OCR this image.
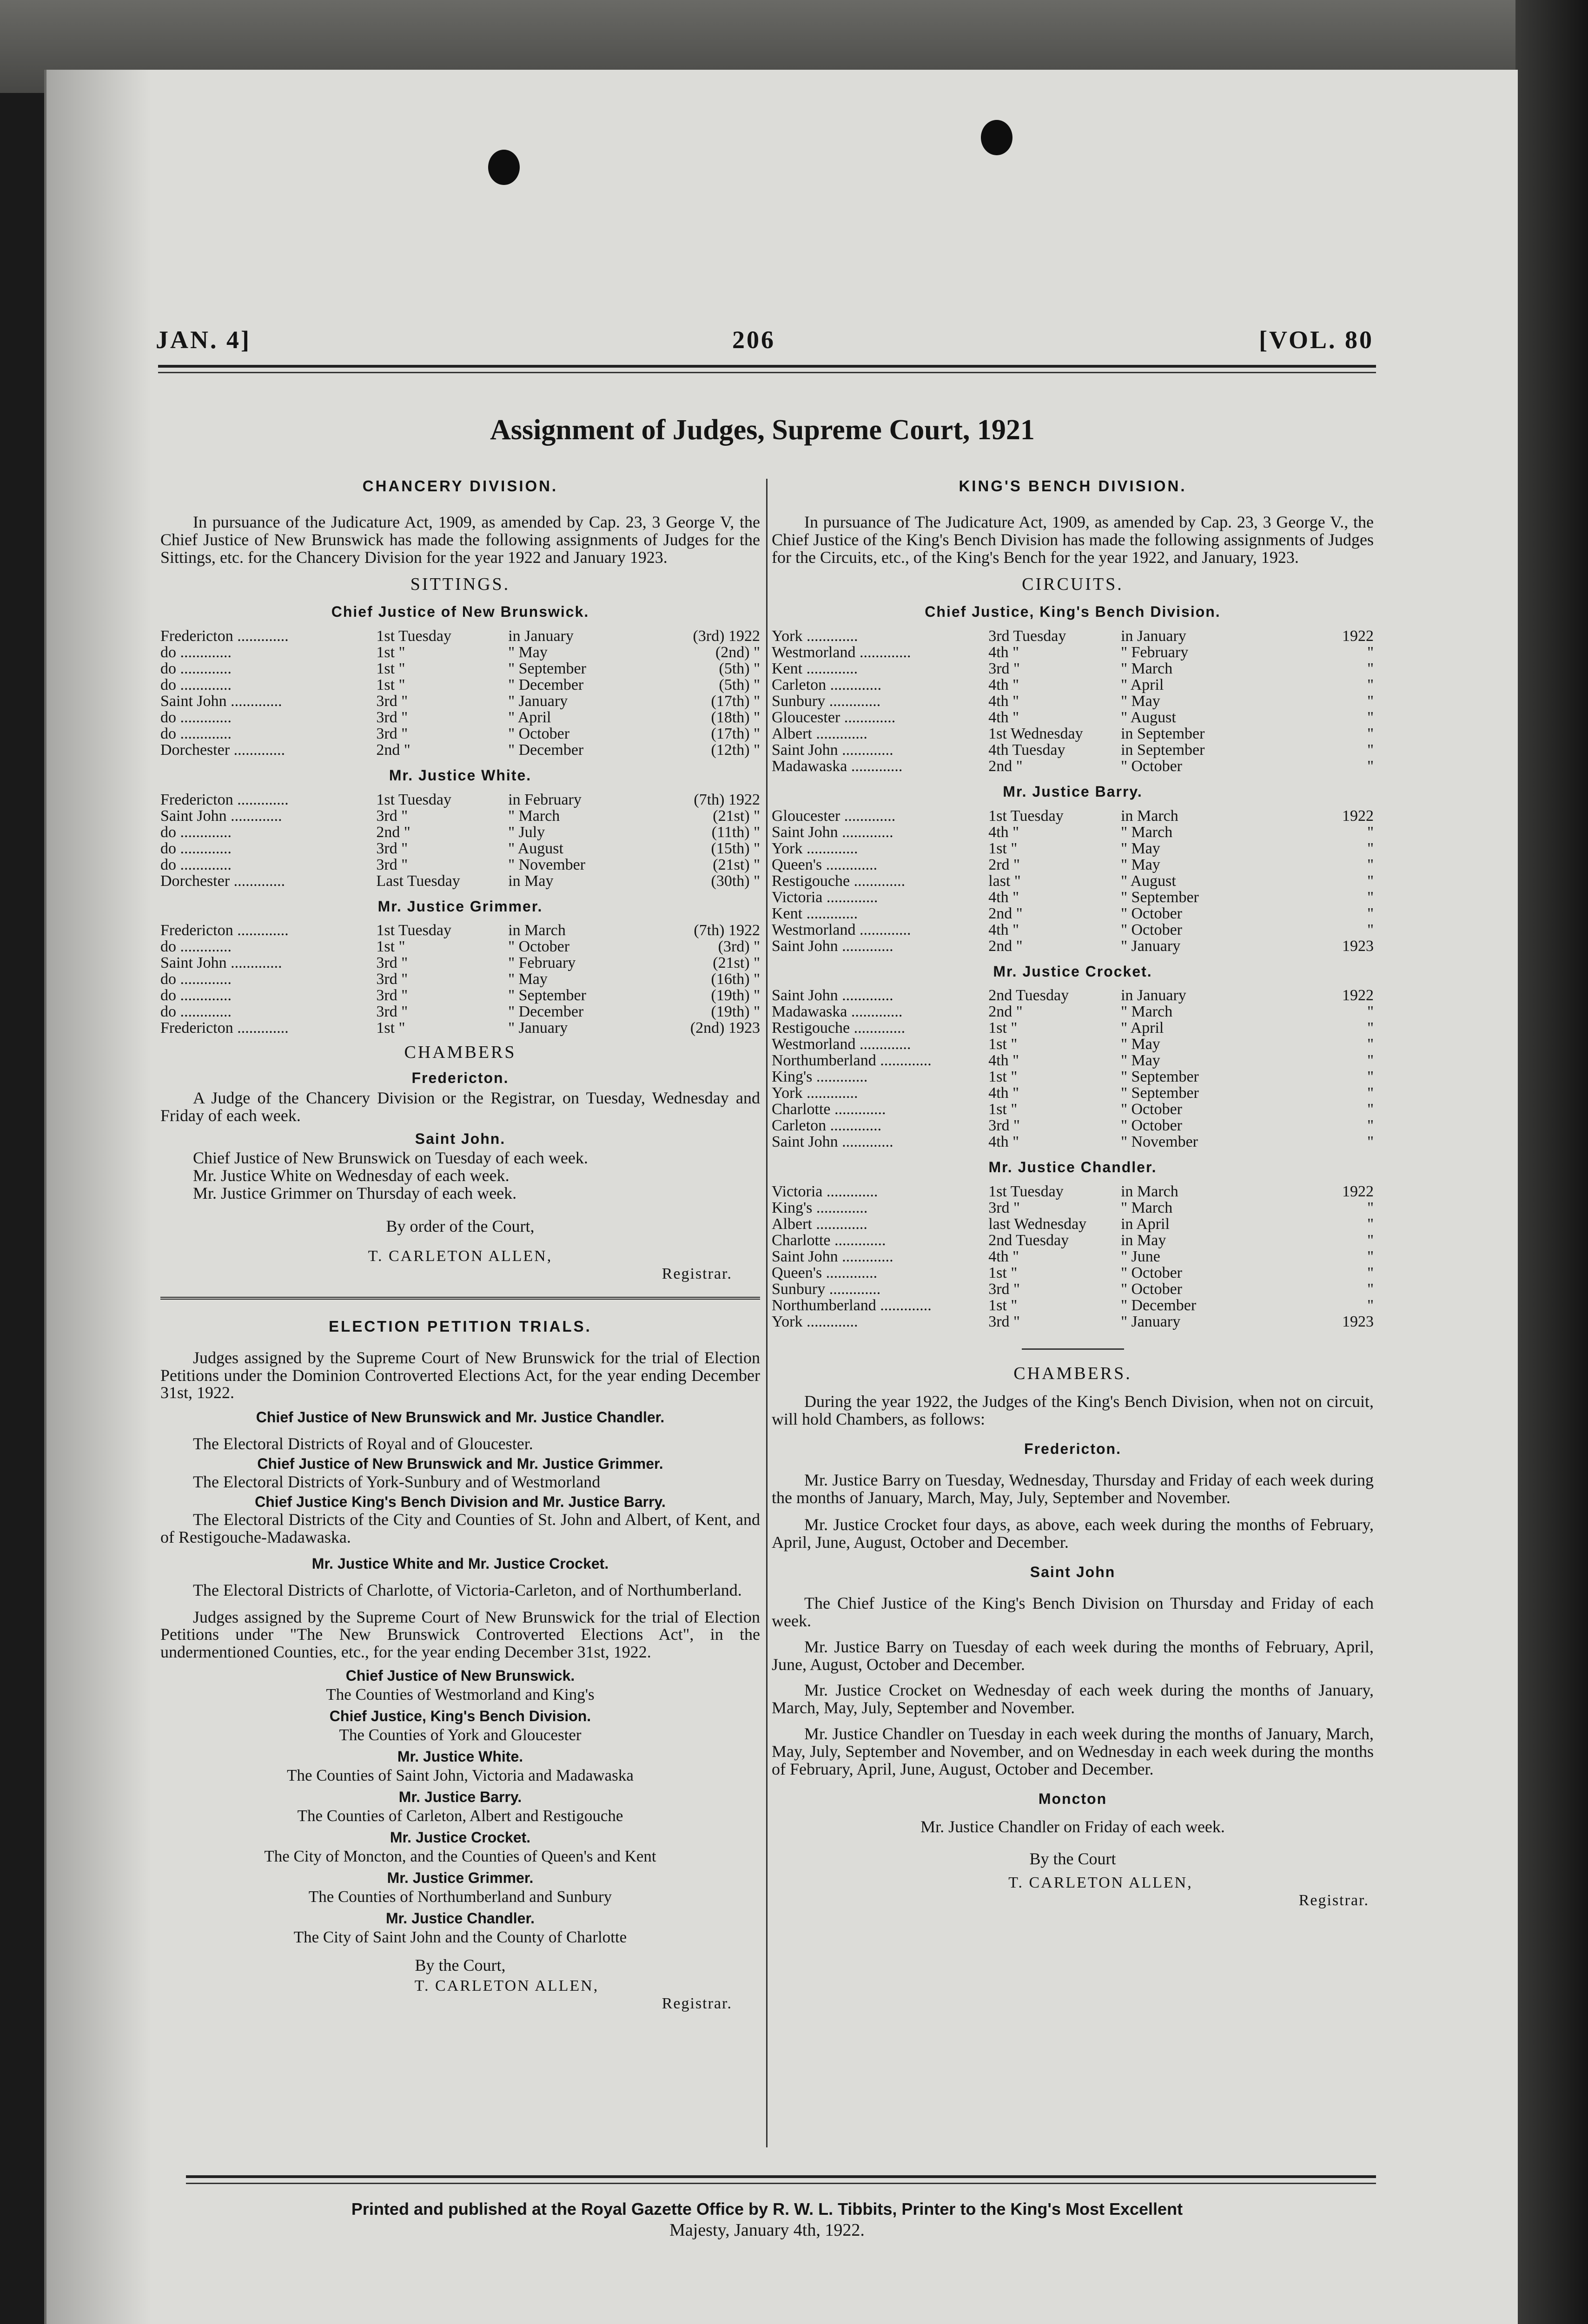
JAN. 4]	206	[VOL. 80
Assignment of Judges, Supreme Court, 1921
CHANCERY DIVISION.

In pursuance of the Judicature Act, 1909, as amended by Cap. 23, 3 George V, the Chief Justice of New Brunswick has made the following assignments of Judges for the Sittings, etc. for the Chancery Division for the year 1922 and January 1923.

SITTINGS.
Chief Justice of New Brunswick.
Fredericton .............	1st Tuesday	in January	(3rd) 1922
do .............	1st "	" May	(2nd) "
do .............	1st "	" September	(5th) "
do .............	1st "	" December	(5th) "
Saint John .............	3rd "	" January	(17th) "
do .............	3rd "	" April	(18th) "
do .............	3rd "	" October	(17th) "
Dorchester .............	2nd "	" December	(12th) "
Mr. Justice White.
Fredericton .............	1st Tuesday	in February	(7th) 1922
Saint John .............	3rd "	" March	(21st) "
do .............	2nd "	" July	(11th) "
do .............	3rd "	" August	(15th) "
do .............	3rd "	" November	(21st) "
Dorchester .............	Last Tuesday	in May	(30th) "
Mr. Justice Grimmer.
Fredericton .............	1st Tuesday	in March	(7th) 1922
do .............	1st "	" October	(3rd) "
Saint John .............	3rd "	" February	(21st) "
do .............	3rd "	" May	(16th) "
do .............	3rd "	" September	(19th) "
do .............	3rd "	" December	(19th) "
Fredericton .............	1st "	" January	(2nd) 1923
CHAMBERS
Fredericton.

A Judge of the Chancery Division or the Registrar, on Tuesday, Wednesday and Friday of each week.

Saint John.

Chief Justice of New Brunswick on Tuesday of each week.

Mr. Justice White on Wednesday of each week.

Mr. Justice Grimmer on Thursday of each week.

By order of the Court,
T. CARLETON ALLEN,
Registrar.
ELECTION PETITION TRIALS.

Judges assigned by the Supreme Court of New Brunswick for the trial of Election Petitions under the Dominion Controverted Elections Act, for the year ending December 31st, 1922.

Chief Justice of New Brunswick and Mr. Justice Chandler.

The Electoral Districts of Royal and of Gloucester.

Chief Justice of New Brunswick and Mr. Justice Grimmer.

The Electoral Districts of York-Sunbury and of Westmorland

Chief Justice King's Bench Division and Mr. Justice Barry.

The Electoral Districts of the City and Counties of St. John and Albert, of Kent, and of Restigouche-Madawaska.

Mr. Justice White and Mr. Justice Crocket.

The Electoral Districts of Charlotte, of Victoria-Carleton, and of Northumberland.

Judges assigned by the Supreme Court of New Brunswick for the trial of Election Petitions under "The New Brunswick Controverted Elections Act", in the undermentioned Counties, etc., for the year ending December 31st, 1922.

Chief Justice of New Brunswick.
The Counties of Westmorland and King's
Chief Justice, King's Bench Division.
The Counties of York and Gloucester
Mr. Justice White.
The Counties of Saint John, Victoria and Madawaska
Mr. Justice Barry.
The Counties of Carleton, Albert and Restigouche
Mr. Justice Crocket.
The City of Moncton, and the Counties of Queen's and Kent
Mr. Justice Grimmer.
The Counties of Northumberland and Sunbury
Mr. Justice Chandler.
The City of Saint John and the County of Charlotte
By the Court,
T. CARLETON ALLEN,
Registrar.
KING'S BENCH DIVISION.

In pursuance of The Judicature Act, 1909, as amended by Cap. 23, 3 George V., the Chief Justice of the King's Bench Division has made the following assignments of Judges for the Circuits, etc., of the King's Bench for the year 1922, and January, 1923.

CIRCUITS.
Chief Justice, King's Bench Division.
York .............	3rd Tuesday	in January	1922
Westmorland .............	4th "	" February	"
Kent .............	3rd "	" March	"
Carleton .............	4th "	" April	"
Sunbury .............	4th "	" May	"
Gloucester .............	4th "	" August	"
Albert .............	1st Wednesday	in September	"
Saint John .............	4th Tuesday	in September	"
Madawaska .............	2nd "	" October	"
Mr. Justice Barry.
Gloucester .............	1st Tuesday	in March	1922
Saint John .............	4th "	" March	"
York .............	1st "	" May	"
Queen's .............	2rd "	" May	"
Restigouche .............	last "	" August	"
Victoria .............	4th "	" September	"
Kent .............	2nd "	" October	"
Westmorland .............	4th "	" October	"
Saint John .............	2nd "	" January	1923
Mr. Justice Crocket.
Saint John .............	2nd Tuesday	in January	1922
Madawaska .............	2nd "	" March	"
Restigouche .............	1st "	" April	"
Westmorland .............	1st "	" May	"
Northumberland .............	4th "	" May	"
King's .............	1st "	" September	"
York .............	4th "	" September	"
Charlotte .............	1st "	" October	"
Carleton .............	3rd "	" October	"
Saint John .............	4th "	" November	"
Mr. Justice Chandler.
Victoria .............	1st Tuesday	in March	1922
King's .............	3rd "	" March	"
Albert .............	last Wednesday	in April	"
Charlotte .............	2nd Tuesday	in May	"
Saint John .............	4th "	" June	"
Queen's .............	1st "	" October	"
Sunbury .............	3rd "	" October	"
Northumberland .............	1st "	" December	"
York .............	3rd "	" January	1923
CHAMBERS.

During the year 1922, the Judges of the King's Bench Division, when not on circuit, will hold Chambers, as follows:

Fredericton.

Mr. Justice Barry on Tuesday, Wednesday, Thursday and Friday of each week during the months of January, March, May, July, September and November.

Mr. Justice Crocket four days, as above, each week during the months of February, April, June, August, October and December.

Saint John

The Chief Justice of the King's Bench Division on Thursday and Friday of each week.

Mr. Justice Barry on Tuesday of each week during the months of February, April, June, August, October and December.

Mr. Justice Crocket on Wednesday of each week during the months of January, March, May, July, September and November.

Mr. Justice Chandler on Tuesday in each week during the months of January, March, May, July, September and November, and on Wednesday in each week during the months of February, April, June, August, October and December.

Moncton
Mr. Justice Chandler on Friday of each week.
By the Court
T. CARLETON ALLEN,
Registrar.
Printed and published at the Royal Gazette Office by R. W. L. Tibbits, Printer to the King's Most Excellent
Majesty, January 4th, 1922.
